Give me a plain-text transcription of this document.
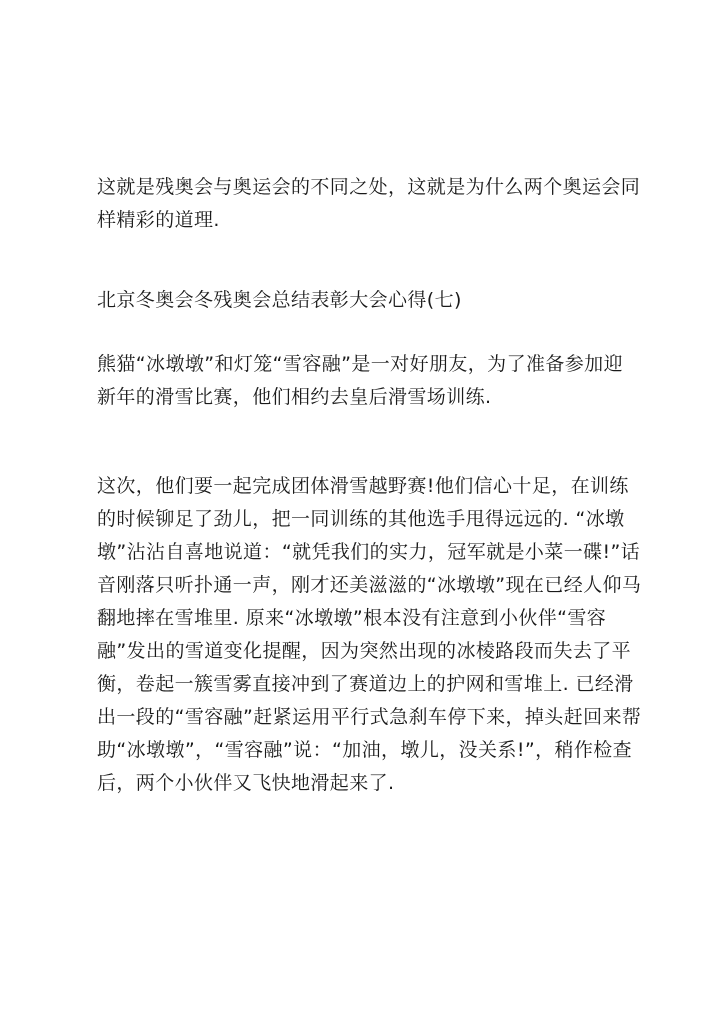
这就是残奥会与奥运会的不同之处，这就是为什么两个奥运会同样精彩的道理.

北京冬奥会冬残奥会总结表彰大会心得(七)

熊猫“冰墩墩”和灯笼“雪容融”是一对好朋友，为了准备参加迎新年的滑雪比赛，他们相约去皇后滑雪场训练.

这次，他们要一起完成团体滑雪越野赛!他们信心十足，在训练的时候铆足了劲儿，把一同训练的其他选手甩得远远的. “冰墩墩”沾沾自喜地说道：“就凭我们的实力，冠军就是小菜一碟!”话音刚落只听扑通一声，刚才还美滋滋的“冰墩墩”现在已经人仰马翻地摔在雪堆里. 原来“冰墩墩”根本没有注意到小伙伴“雪容融”发出的雪道变化提醒，因为突然出现的冰棱路段而失去了平衡，卷起一簇雪雾直接冲到了赛道边上的护网和雪堆上. 已经滑出一段的“雪容融”赶紧运用平行式急刹车停下来，掉头赶回来帮助“冰墩墩”，“雪容融”说：“加油，墩儿，没关系!”，稍作检查后，两个小伙伴又飞快地滑起来了.
